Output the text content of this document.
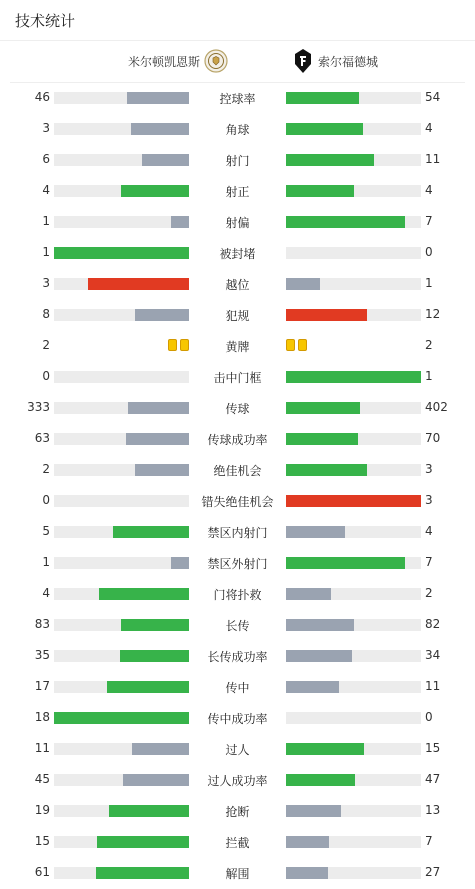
技术统计
米尔顿凯恩斯	索尔福德城
46	控球率	54
3	角球	4
6	射门	11
4	射正	4
1	射偏	7
1	被封堵	0
3	越位	1
8	犯规	12
2	黄牌	2
0	击中门框	1
333	传球	402
63	传球成功率	70
2	绝佳机会	3
0	错失绝佳机会	3
5	禁区内射门	4
1	禁区外射门	7
4	门将扑救	2
83	长传	82
35	长传成功率	34
17	传中	11
18	传中成功率	0
11	过人	15
45	过人成功率	47
19	抢断	13
15	拦截	7
61	解围	27
